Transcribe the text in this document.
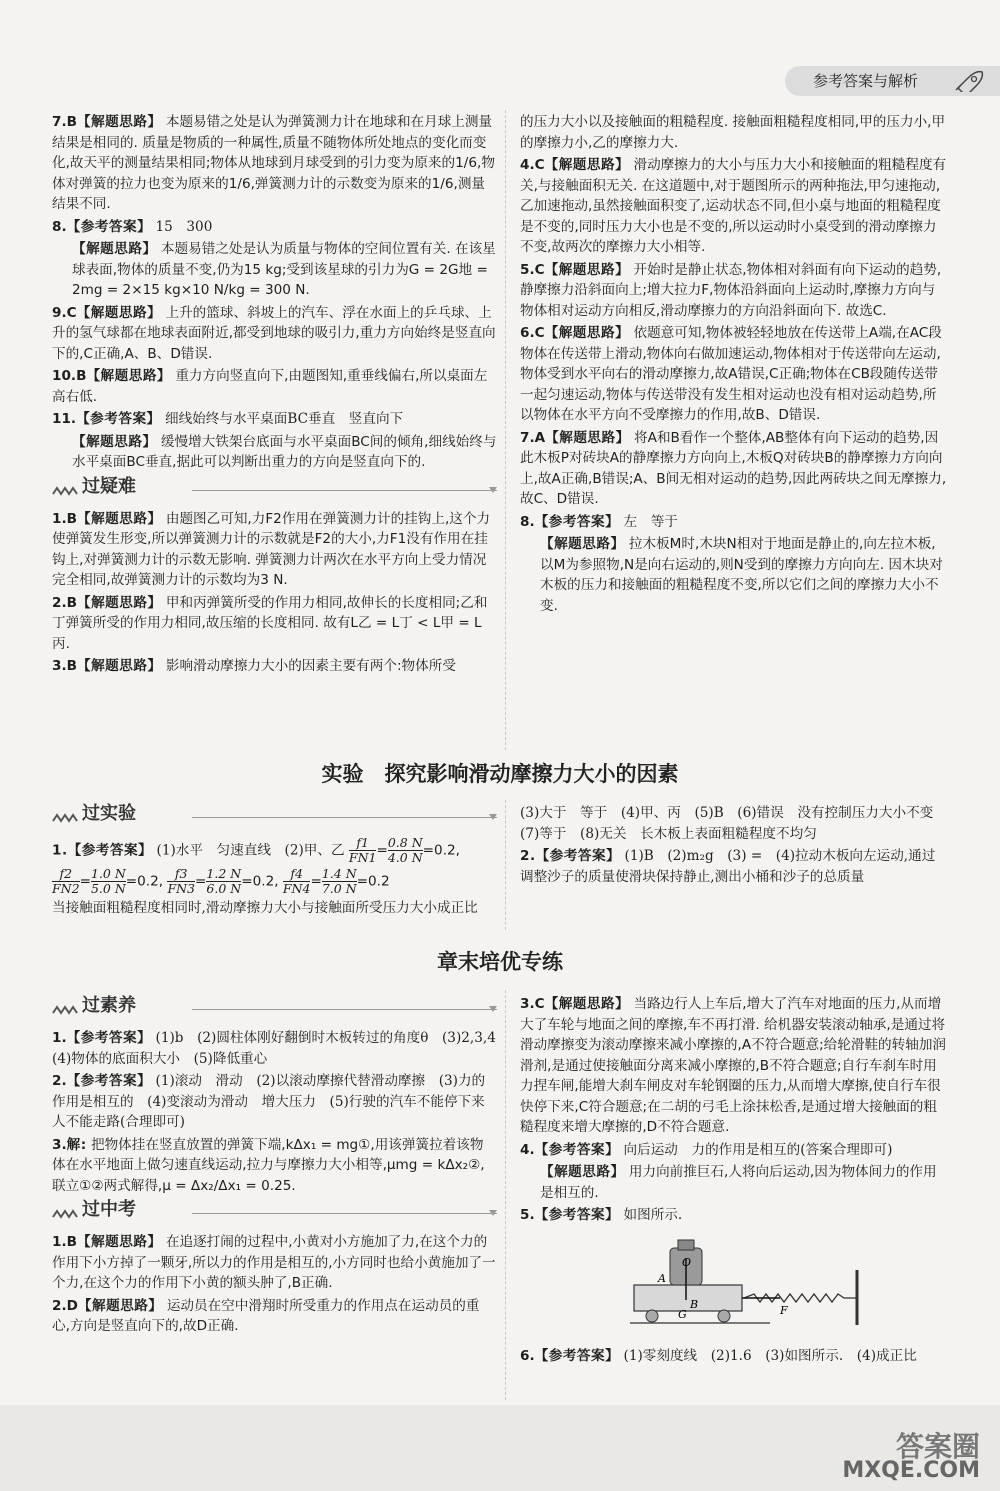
参考答案与解析
7.B【解题思路】 本题易错之处是认为弹簧测力计在地球和在月球上测量结果是相同的. 质量是物质的一种属性,质量不随物体所处地点的变化而变化,故天平的测量结果相同;物体从地球到月球受到的引力变为原来的1/6,物体对弹簧的拉力也变为原来的1/6,弹簧测力计的示数变为原来的1/6,测量结果不同.
8.【参考答案】 15　300
【解题思路】 本题易错之处是认为质量与物体的空间位置有关. 在该星球表面,物体的质量不变,仍为15 kg;受到该星球的引力为G = 2G地 = 2mg = 2×15 kg×10 N/kg = 300 N.
9.C【解题思路】 上升的篮球、斜坡上的汽车、浮在水面上的乒乓球、上升的氢气球都在地球表面附近,都受到地球的吸引力,重力方向始终是竖直向下的,C正确,A、B、D错误.
10.B【解题思路】 重力方向竖直向下,由题图知,重垂线偏右,所以桌面左高右低.
11.【参考答案】 细线始终与水平桌面BC垂直　竖直向下
【解题思路】 缓慢增大铁架台底面与水平桌面BC间的倾角,细线始终与水平桌面BC垂直,据此可以判断出重力的方向是竖直向下的.
过疑难
1.B【解题思路】 由题图乙可知,力F2作用在弹簧测力计的挂钩上,这个力使弹簧发生形变,所以弹簧测力计的示数就是F2的大小,力F1没有作用在挂钩上,对弹簧测力计的示数无影响. 弹簧测力计两次在水平方向上受力情况完全相同,故弹簧测力计的示数均为3 N.
2.B【解题思路】 甲和丙弹簧所受的作用力相同,故伸长的长度相同;乙和丁弹簧所受的作用力相同,故压缩的长度相同. 故有L乙 = L丁 < L甲 = L丙.
3.B【解题思路】 影响滑动摩擦力大小的因素主要有两个:物体所受
的压力大小以及接触面的粗糙程度. 接触面粗糙程度相同,甲的压力小,甲的摩擦力小,乙的摩擦力大.
4.C【解题思路】 滑动摩擦力的大小与压力大小和接触面的粗糙程度有关,与接触面积无关. 在这道题中,对于题图所示的两种拖法,甲匀速拖动,乙加速拖动,虽然接触面积变了,运动状态不同,但小桌与地面的粗糙程度是不变的,同时压力大小也是不变的,所以运动时小桌受到的滑动摩擦力不变,故两次的摩擦力大小相等.
5.C【解题思路】 开始时是静止状态,物体相对斜面有向下运动的趋势,静摩擦力沿斜面向上;增大拉力F,物体沿斜面向上运动时,摩擦力方向与物体相对运动方向相反,滑动摩擦力的方向沿斜面向下. 故选C.
6.C【解题思路】 依题意可知,物体被轻轻地放在传送带上A端,在AC段物体在传送带上滑动,物体向右做加速运动,物体相对于传送带向左运动,物体受到水平向右的滑动摩擦力,故A错误,C正确;物体在CB段随传送带一起匀速运动,物体与传送带没有发生相对运动也没有相对运动趋势,所以物体在水平方向不受摩擦力的作用,故B、D错误.
7.A【解题思路】 将A和B看作一个整体,AB整体有向下运动的趋势,因此木板P对砖块A的静摩擦力方向向上,木板Q对砖块B的静摩擦力方向向上,故A正确,B错误;A、B间无相对运动的趋势,因此两砖块之间无摩擦力,故C、D错误.
8.【参考答案】 左　等于
【解题思路】 拉木板M时,木块N相对于地面是静止的,向左拉木板,以M为参照物,N是向右运动的,则N受到的摩擦力方向向左. 因木块对木板的压力和接触面的粗糙程度不变,所以它们之间的摩擦力大小不变.
实验　探究影响滑动摩擦力大小的因素
过实验
1.【参考答案】 (1)水平　匀速直线　(2)甲、乙 $\frac{f1}{FN1} = \frac{0.8 N}{4.0 N} =0.2$,
$\frac{f2}{FN2} = \frac{1.0 N}{5.0 N} =0.2$, $\frac{f3}{FN3} = \frac{1.2 N}{6.0 N} =0.2$, $\frac{f4}{FN4} = \frac{1.4 N}{7.0 N} =0.2$
当接触面粗糙程度相同时,滑动摩擦力大小与接触面所受压力大小成正比
(3)大于　等于　(4)甲、丙　(5)B　(6)错误　没有控制压力大小不变　(7)等于　(8)无关　长木板上表面粗糙程度不均匀
2.【参考答案】 (1)B　(2)m₂g　(3) =　(4)拉动木板向左运动,通过调整沙子的质量使滑块保持静止,测出小桶和沙子的总质量
章末培优专练
过素养
1.【参考答案】 (1)b　(2)圆柱体刚好翻倒时木板转过的角度θ　(3)2,3,4　(4)物体的底面积大小　(5)降低重心
2.【参考答案】 (1)滚动　滑动　(2)以滚动摩擦代替滑动摩擦　(3)力的作用是相互的　(4)变滚动为滑动　增大压力　(5)行驶的汽车不能停下来　人不能走路(合理即可)
3.解: 把物体挂在竖直放置的弹簧下端,kΔx₁ = mg①,用该弹簧拉着该物体在水平地面上做匀速直线运动,拉力与摩擦力大小相等,μmg = kΔx₂②,联立①②两式解得,μ = Δx₂/Δx₁ = 0.25.
过中考
1.B【解题思路】 在追逐打闹的过程中,小黄对小方施加了力,在这个力的作用下小方掉了一颗牙,所以力的作用是相互的,小方同时也给小黄施加了一个力,在这个力的作用下小黄的额头肿了,B正确.
2.D【解题思路】 运动员在空中滑翔时所受重力的作用点在运动员的重心,方向是竖直向下的,故D正确.
3.C【解题思路】 当路边行人上车后,增大了汽车对地面的压力,从而增大了车轮与地面之间的摩擦,车不再打滑. 给机器安装滚动轴承,是通过将滑动摩擦变为滚动摩擦来减小摩擦的,A不符合题意;给轮滑鞋的转轴加润滑剂,是通过使接触面分离来减小摩擦的,B不符合题意;自行车刹车时用力捏车闸,能增大刹车闸皮对车轮钢圈的压力,从而增大摩擦,使自行车很快停下来,C符合题意;在二胡的弓毛上涂抹松香,是通过增大接触面的粗糙程度来增大摩擦的,D不符合题意.
4.【参考答案】 向后运动　力的作用是相互的(答案合理即可)
【解题思路】 用力向前推巨石,人将向后运动,因为物体间力的作用是相互的.
5.【参考答案】 如图所示.
A
O
B
G	F
6.【参考答案】 (1)零刻度线　(2)1.6　(3)如图所示.　(4)成正比
答案圈
MXQE.COM
